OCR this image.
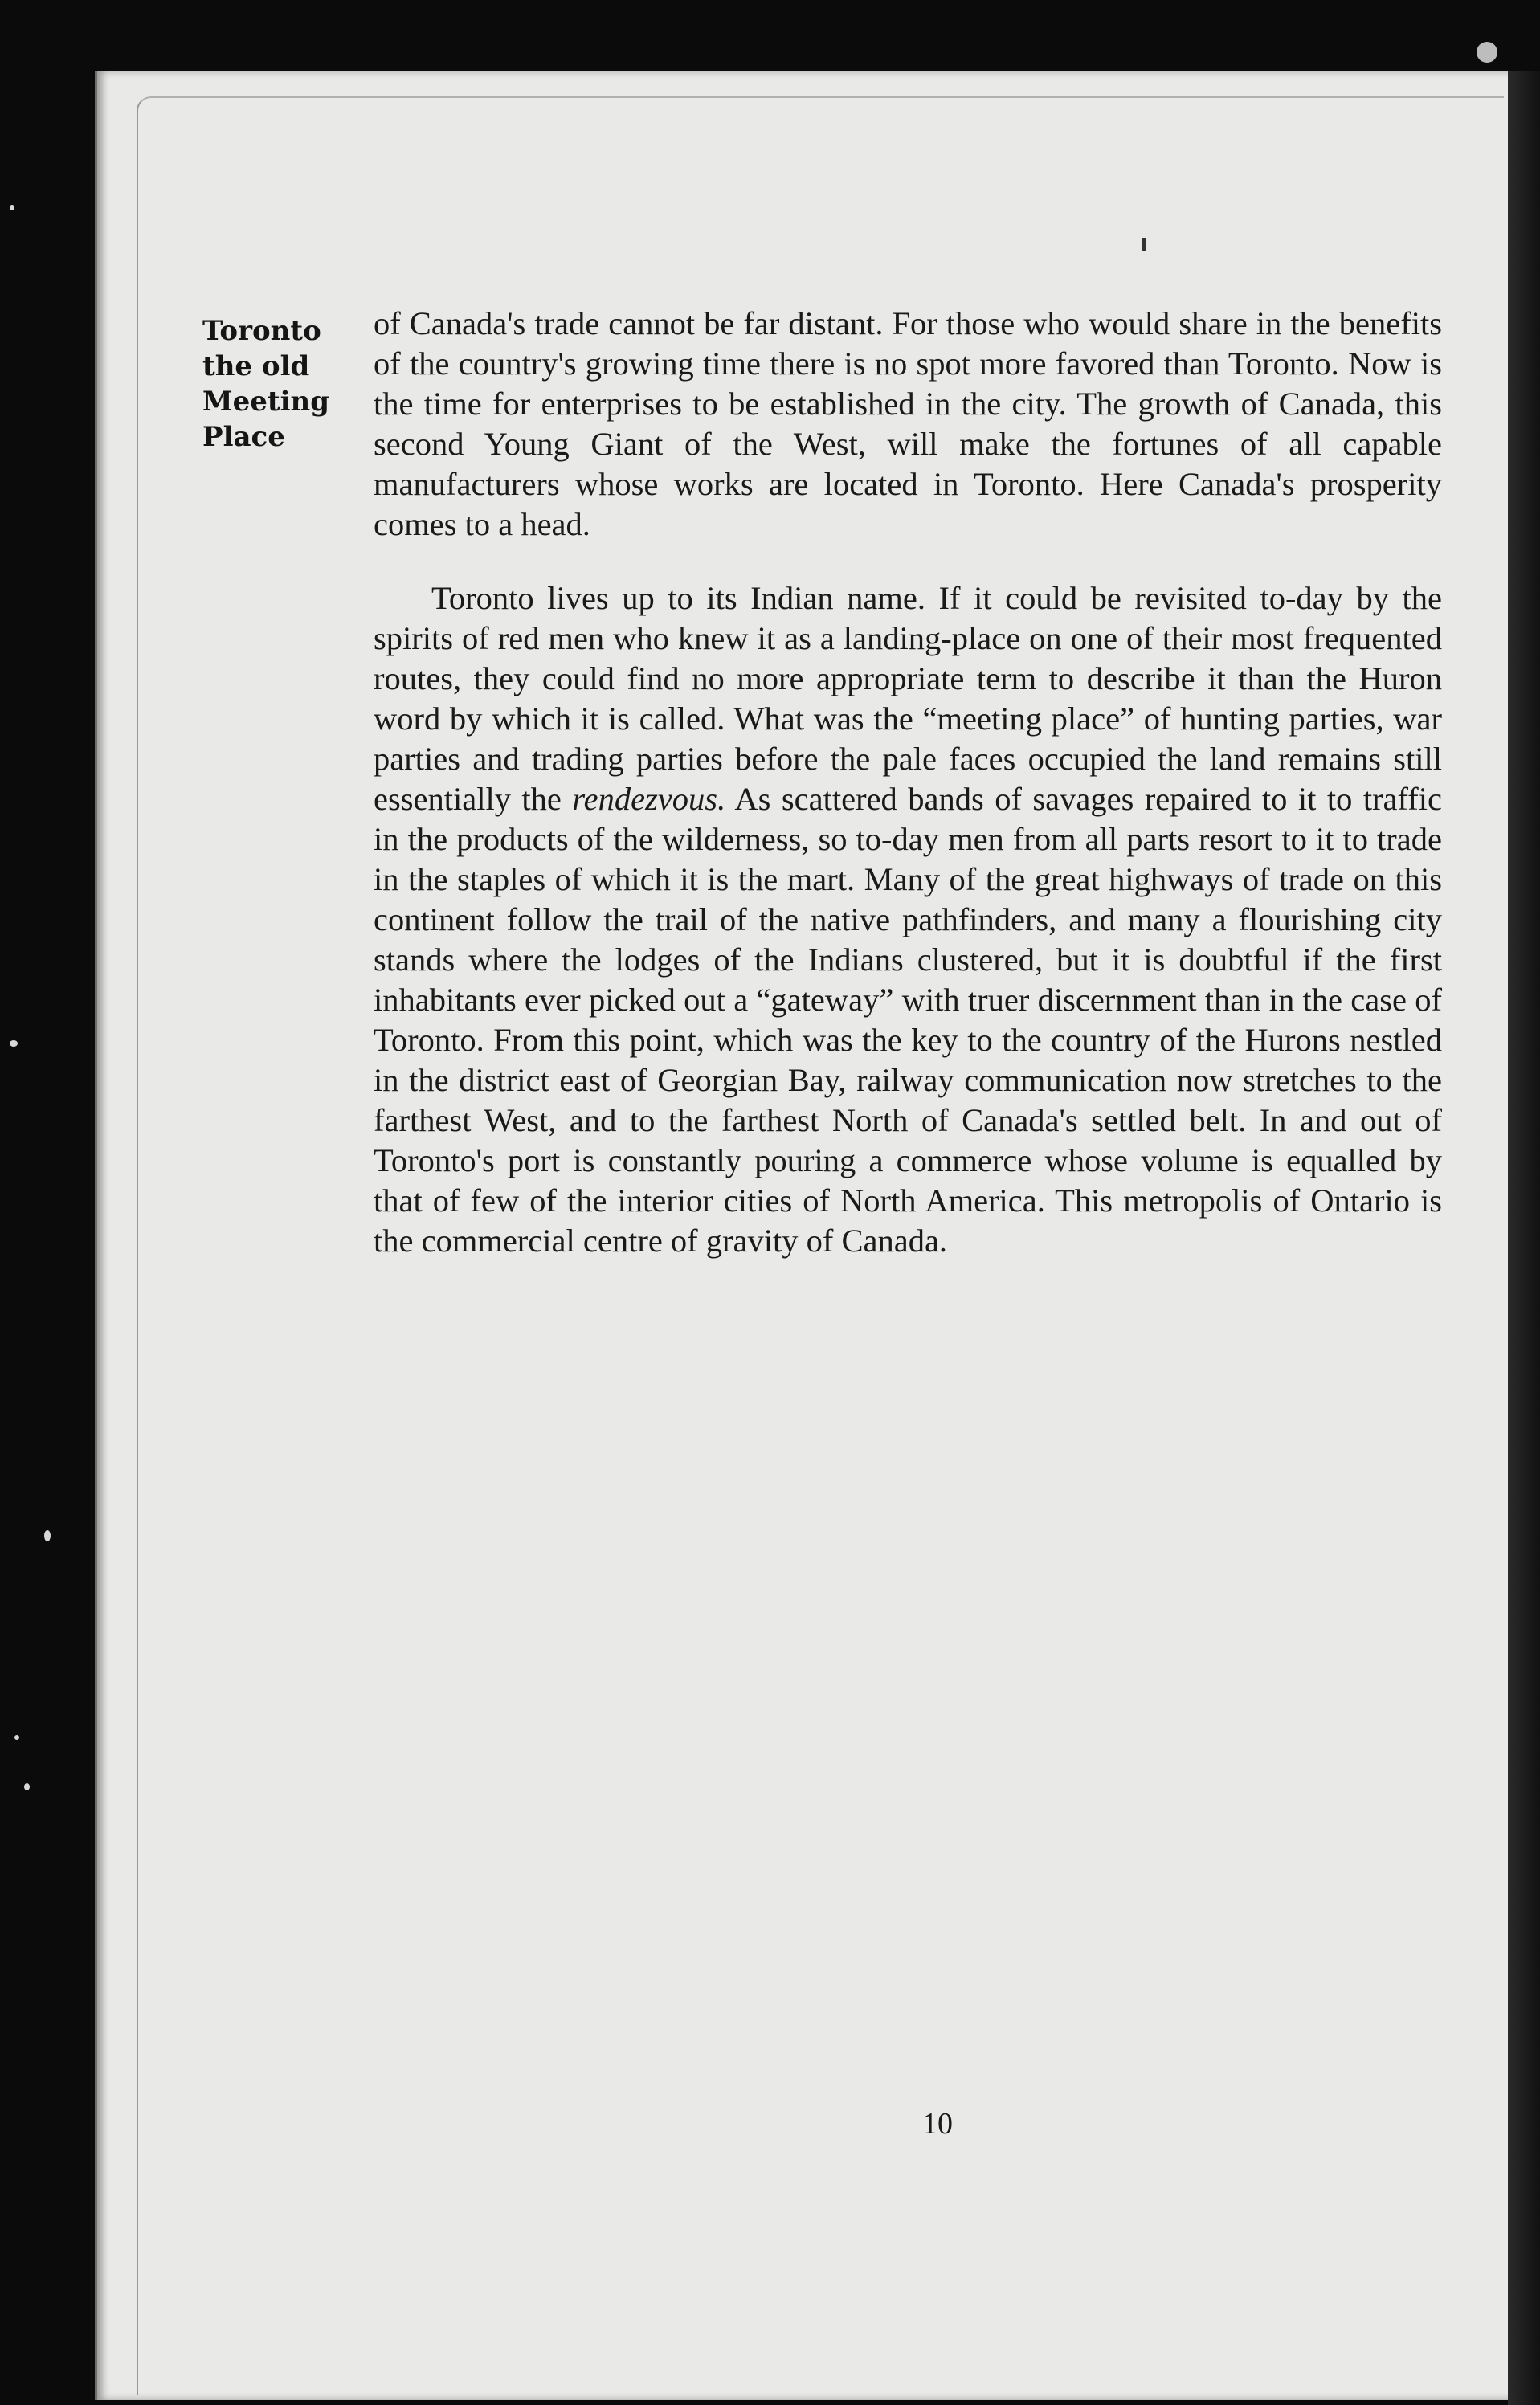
Toronto
the old
Meeting
Place

of Canada's trade cannot be far distant. For those who would share in the benefits of the country's growing time there is no spot more favored than Toronto. Now is the time for enterprises to be established in the city. The growth of Canada, this second Young Giant of the West, will make the fortunes of all capable manufacturers whose works are located in Toronto. Here Canada's prosperity comes to a head.

Toronto lives up to its Indian name. If it could be revisited to-day by the spirits of red men who knew it as a landing-place on one of their most frequented routes, they could find no more appropriate term to describe it than the Huron word by which it is called. What was the “meeting place” of hunting parties, war parties and trading parties before the pale faces occupied the land remains still essentially the rendezvous. As scattered bands of savages repaired to it to traffic in the products of the wilderness, so to-day men from all parts resort to it to trade in the staples of which it is the mart. Many of the great highways of trade on this continent follow the trail of the native pathfinders, and many a flourishing city stands where the lodges of the Indians clustered, but it is doubtful if the first inhabitants ever picked out a “gateway” with truer discernment than in the case of Toronto. From this point, which was the key to the country of the Hurons nestled in the district east of Georgian Bay, railway communication now stretches to the farthest West, and to the farthest North of Canada's settled belt. In and out of Toronto's port is constantly pouring a commerce whose volume is equalled by that of few of the interior cities of North America. This metropolis of Ontario is the commercial centre of gravity of Canada.

10
